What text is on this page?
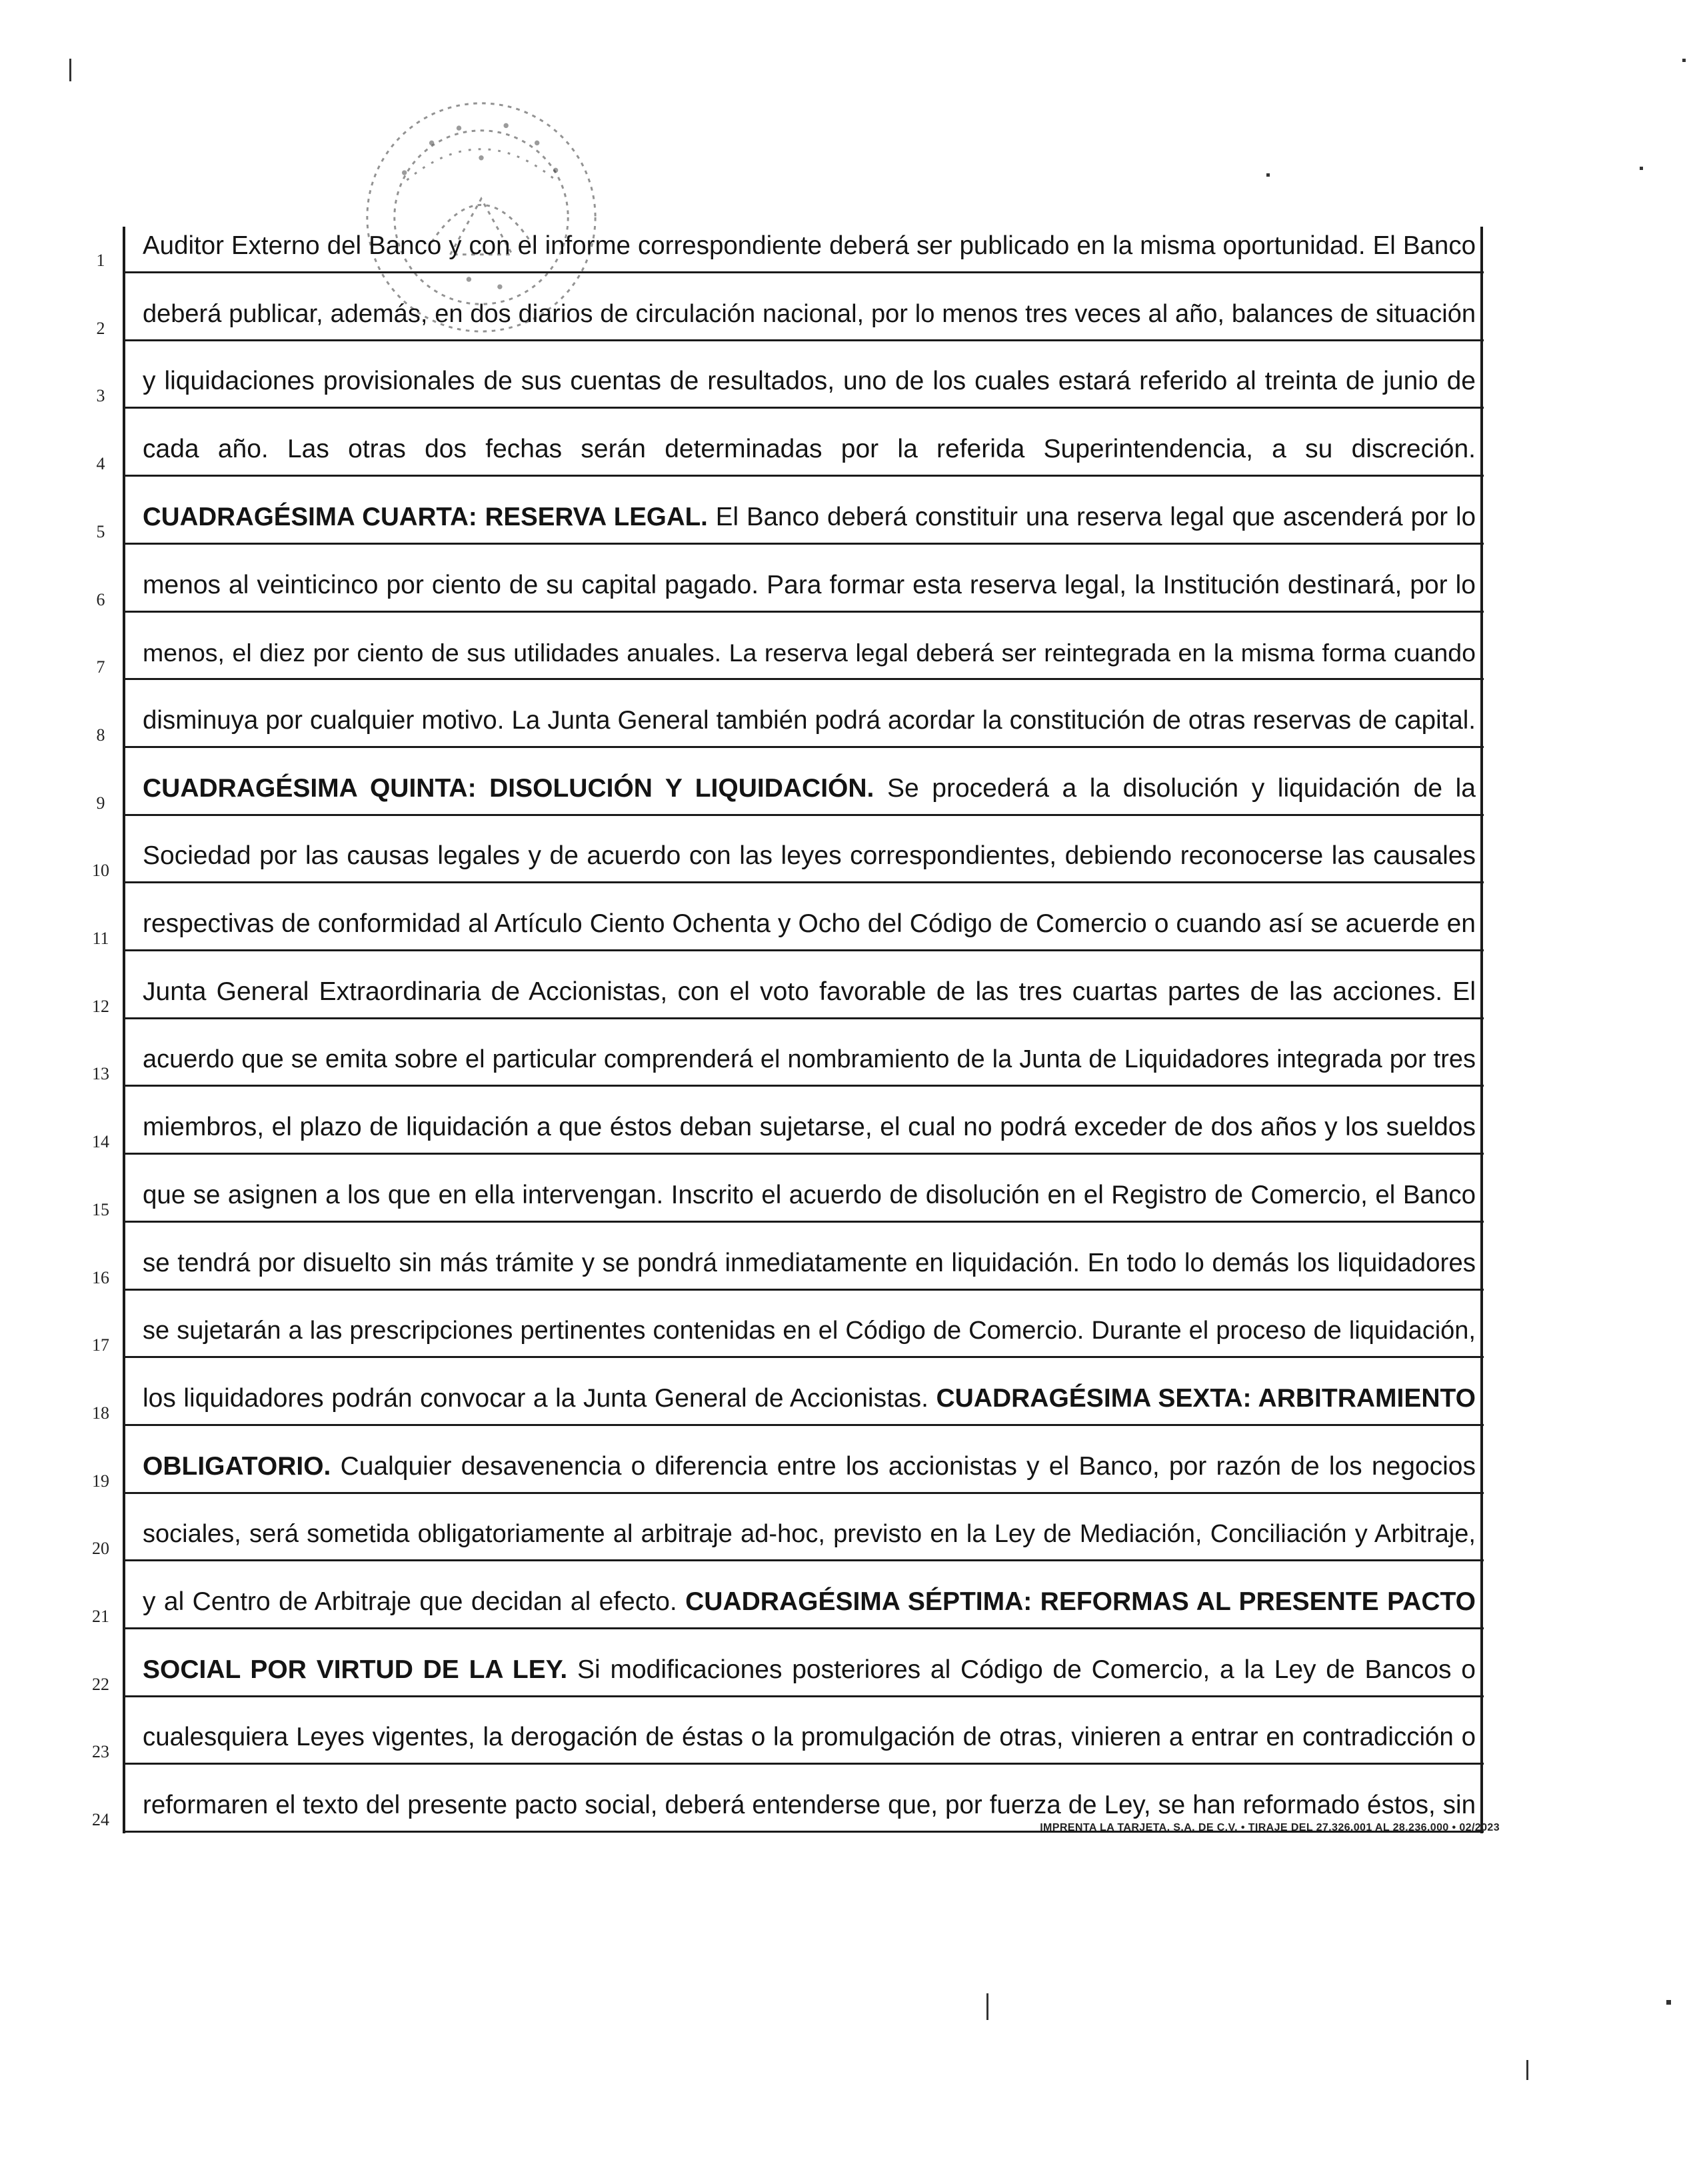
1
Auditor Externo del Banco y con el informe correspondiente deberá ser publicado en la misma oportunidad. El Banco
2
deberá publicar, además, en dos diarios de circulación nacional, por lo menos tres veces al año, balances de situación
3
y liquidaciones provisionales de sus cuentas de resultados, uno de los cuales estará referido al treinta de junio de
4
cada año. Las otras dos fechas serán determinadas por la referida Superintendencia, a su discreción.
5
CUADRAGÉSIMA CUARTA: RESERVA LEGAL. El Banco deberá constituir una reserva legal que ascenderá por lo
6
menos al veinticinco por ciento de su capital pagado. Para formar esta reserva legal, la Institución destinará, por lo
7
menos, el diez por ciento de sus utilidades anuales. La reserva legal deberá ser reintegrada en la misma forma cuando
8
disminuya por cualquier motivo. La Junta General también podrá acordar la constitución de otras reservas de capital.
9
CUADRAGÉSIMA QUINTA: DISOLUCIÓN Y LIQUIDACIÓN. Se procederá a la disolución y liquidación de la
10
Sociedad por las causas legales y de acuerdo con las leyes correspondientes, debiendo reconocerse las causales
11
respectivas de conformidad al Artículo Ciento Ochenta y Ocho del Código de Comercio o cuando así se acuerde en
12
Junta General Extraordinaria de Accionistas, con el voto favorable de las tres cuartas partes de las acciones. El
13
acuerdo que se emita sobre el particular comprenderá el nombramiento de la Junta de Liquidadores integrada por tres
14
miembros, el plazo de liquidación a que éstos deban sujetarse, el cual no podrá exceder de dos años y los sueldos
15
que se asignen a los que en ella intervengan. Inscrito el acuerdo de disolución en el Registro de Comercio, el Banco
16
se tendrá por disuelto sin más trámite y se pondrá inmediatamente en liquidación. En todo lo demás los liquidadores
17
se sujetarán a las prescripciones pertinentes contenidas en el Código de Comercio. Durante el proceso de liquidación,
18
los liquidadores podrán convocar a la Junta General de Accionistas. CUADRAGÉSIMA SEXTA: ARBITRAMIENTO
19
OBLIGATORIO. Cualquier desavenencia o diferencia entre los accionistas y el Banco, por razón de los negocios
20
sociales, será sometida obligatoriamente al arbitraje ad-hoc, previsto en la Ley de Mediación, Conciliación y Arbitraje,
21
y al Centro de Arbitraje que decidan al efecto. CUADRAGÉSIMA SÉPTIMA: REFORMAS AL PRESENTE PACTO
22
SOCIAL POR VIRTUD DE LA LEY. Si modificaciones posteriores al Código de Comercio, a la Ley de Bancos o
23
cualesquiera Leyes vigentes, la derogación de éstas o la promulgación de otras, vinieren a entrar en contradicción o
24
reformaren el texto del presente pacto social, deberá entenderse que, por fuerza de Ley, se han reformado éstos, sin
IMPRENTA LA TARJETA, S.A. DE C.V. • TIRAJE DEL 27,326,001 AL 28,236,000 • 02/2023
